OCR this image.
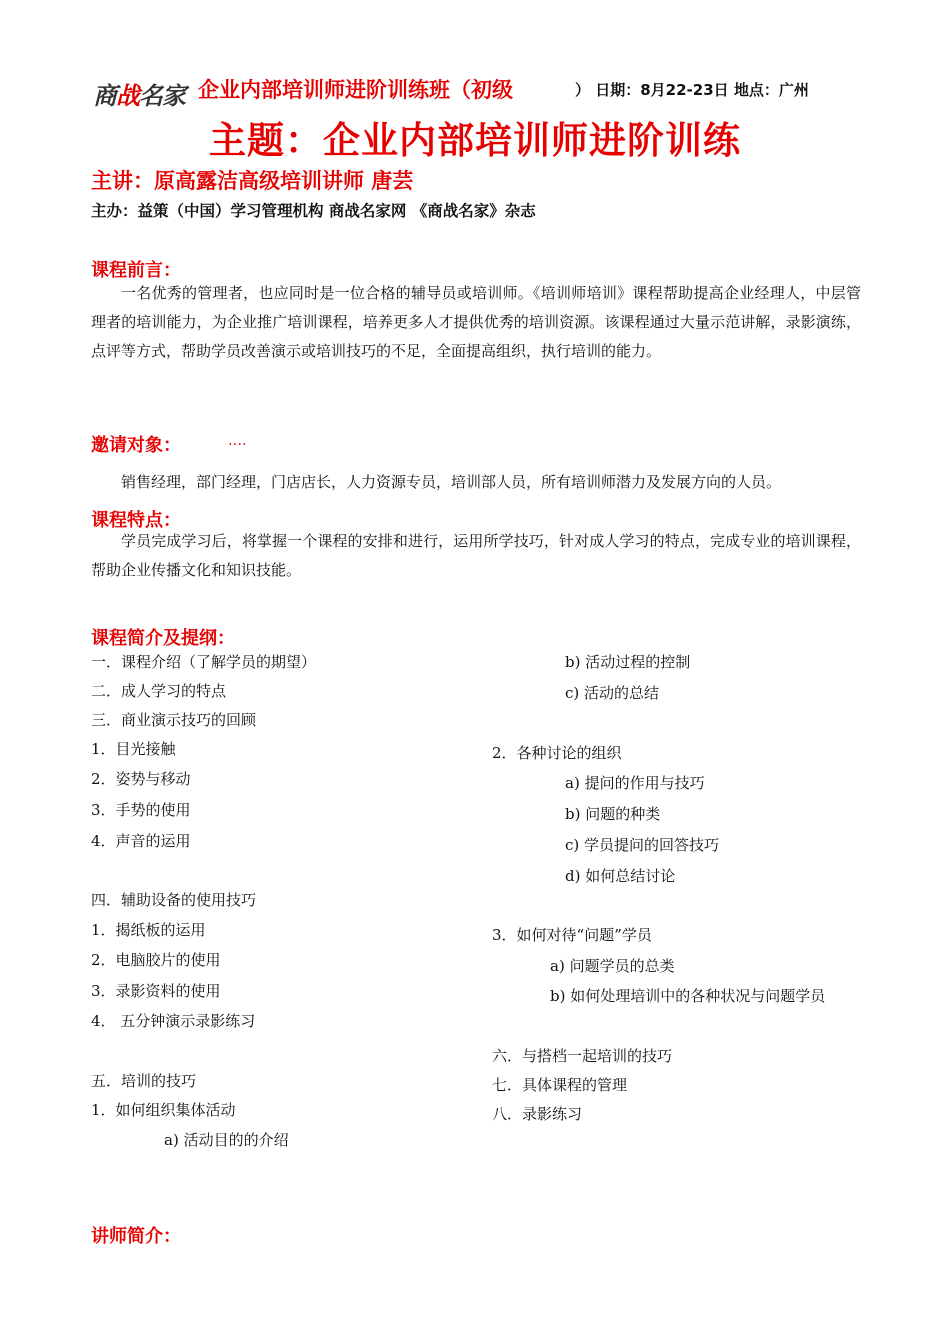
商战名家 企业内部培训师进阶训练班（初级	） 日期：8月22-23日 地点：广州
主题：企业内部培训师进阶训练
主讲：原高露洁高级培训讲师 唐芸
主办：益策（中国）学习管理机构 商战名家网 《商战名家》杂志
课程前言：
一名优秀的管理者，也应同时是一位合格的辅导员或培训师。《培训师培训》课程帮助提高企业经理人，中层管理者的培训能力，为企业推广培训课程，培养更多人才提供优秀的培训资源。该课程通过大量示范讲解，录影演练，点评等方式，帮助学员改善演示或培训技巧的不足，全面提高组织，执行培训的能力。
邀请对象：	….
销售经理，部门经理，门店店长，人力资源专员，培训部人员，所有培训师潜力及发展方向的人员。
课程特点：
学员完成学习后，将掌握一个课程的安排和进行，运用所学技巧，针对成人学习的特点，完成专业的培训课程，帮助企业传播文化和知识技能。
课程简介及提纲：
一．课程介绍（了解学员的期望）
二．成人学习的特点
三．商业演示技巧的回顾
1．目光接触
2．姿势与移动
3．手势的使用
4．声音的运用
四．辅助设备的使用技巧
1．揭纸板的运用
2．电脑胶片的使用
3．录影资料的使用
4． 五分钟演示录影练习
五．培训的技巧
1．如何组织集体活动
a) 活动目的的介绍
b) 活动过程的控制
c) 活动的总结
2．各种讨论的组织
a) 提问的作用与技巧
b) 问题的种类
c) 学员提问的回答技巧
d) 如何总结讨论
3．如何对待“问题”学员
a) 问题学员的总类
b) 如何处理培训中的各种状况与问题学员
六．与搭档一起培训的技巧
七．具体课程的管理
八．录影练习
讲师简介：
